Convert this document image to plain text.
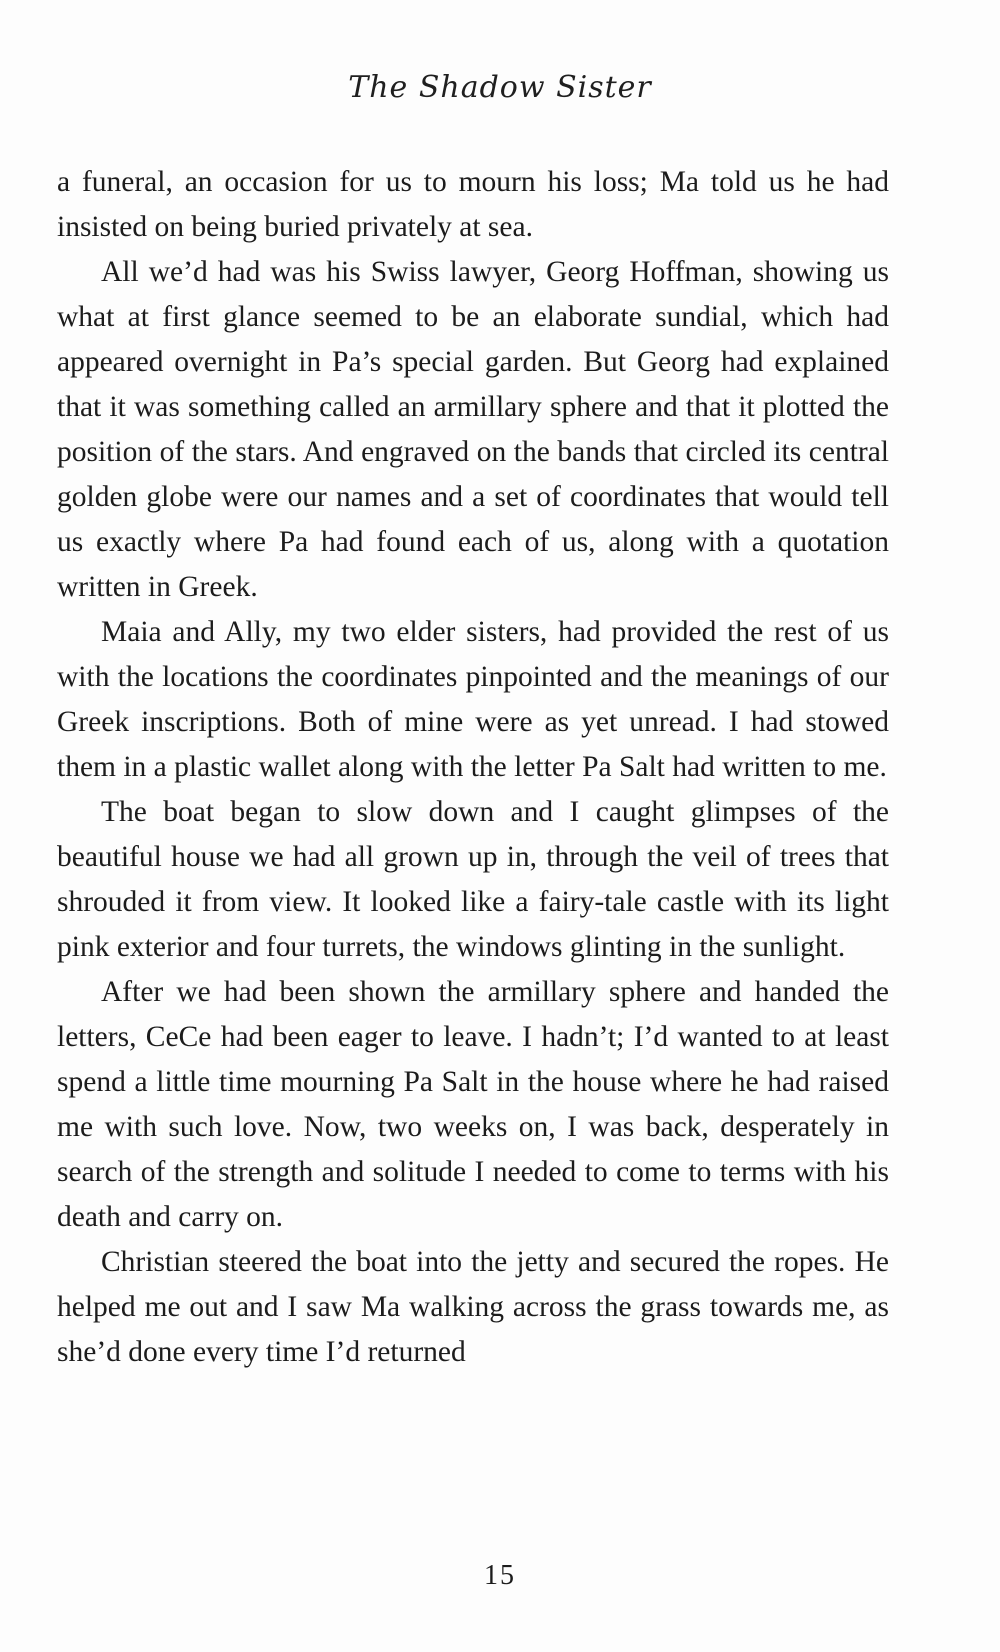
The Shadow Sister

a funeral, an occasion for us to mourn his loss; Ma told us he had insisted on being buried privately at sea.

All we’d had was his Swiss lawyer, Georg Hoffman, showing us what at first glance seemed to be an elaborate sundial, which had appeared overnight in Pa’s special garden. But Georg had explained that it was something called an armillary sphere and that it plotted the position of the stars. And engraved on the bands that circled its central golden globe were our names and a set of coordinates that would tell us exactly where Pa had found each of us, along with a quotation written in Greek.

Maia and Ally, my two elder sisters, had provided the rest of us with the locations the coordinates pinpointed and the meanings of our Greek inscriptions. Both of mine were as yet unread. I had stowed them in a plastic wallet along with the letter Pa Salt had written to me.

The boat began to slow down and I caught glimpses of the beautiful house we had all grown up in, through the veil of trees that shrouded it from view. It looked like a fairy-tale castle with its light pink exterior and four turrets, the windows glinting in the sunlight.

After we had been shown the armillary sphere and handed the letters, CeCe had been eager to leave. I hadn’t; I’d wanted to at least spend a little time mourning Pa Salt in the house where he had raised me with such love. Now, two weeks on, I was back, desperately in search of the strength and solitude I needed to come to terms with his death and carry on.

Christian steered the boat into the jetty and secured the ropes. He helped me out and I saw Ma walking across the grass towards me, as she’d done every time I’d returned

15
